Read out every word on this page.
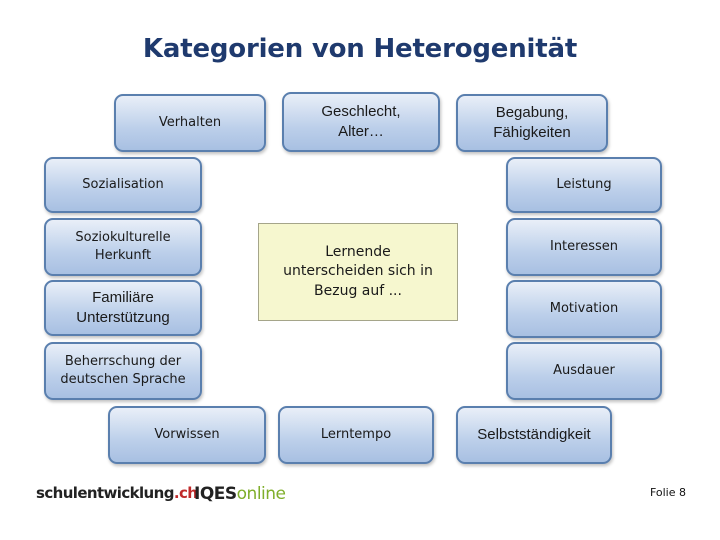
Kategorien von Heterogenität
Verhalten
Geschlecht,
Alter…
Begabung,
Fähigkeiten
Sozialisation
Soziokulturelle
Herkunft
Familiäre
Unterstützung
Beherrschung der
deutschen Sprache
Leistung
Interessen
Motivation
Ausdauer
Vorwissen	Lerntempo	Selbstständigkeit
Lernende
unterscheiden sich in
Bezug auf ...
schulentwicklung.ch
IQESonline	Folie 8
